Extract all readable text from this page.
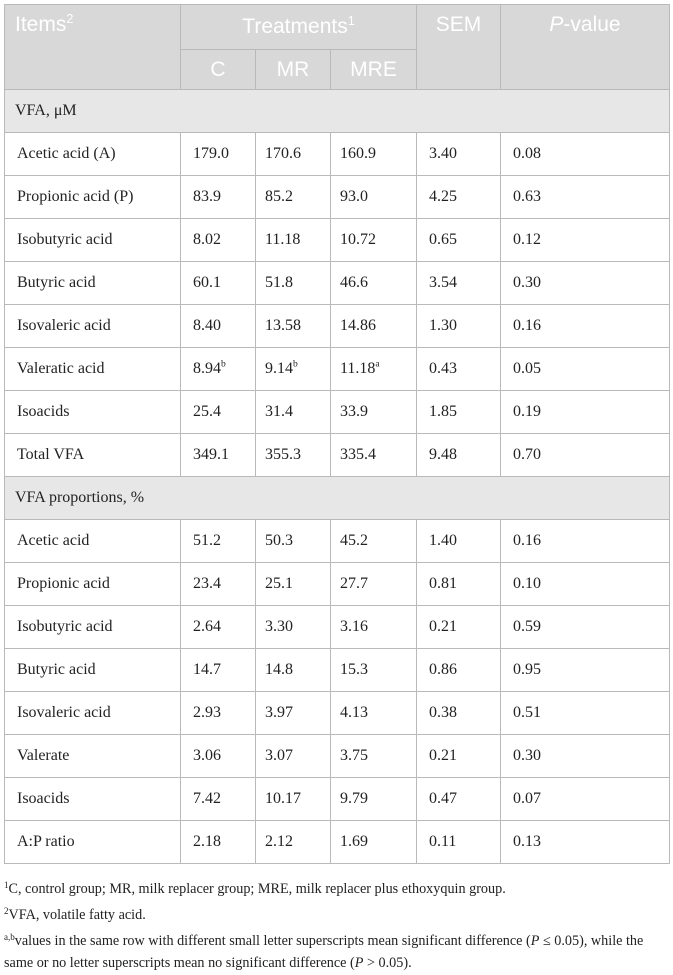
Items$^2$	Treatments$^1$			SEM	P-value
	C	MR	MRE		
VFA, μM					
Acetic acid (A)	179.0	170.6	160.9	3.40	0.08
Propionic acid (P)	83.9	85.2	93.0	4.25	0.63
Isobutyric acid	8.02	11.18	10.72	0.65	0.12
Butyric acid	60.1	51.8	46.6	3.54	0.30
Isovaleric acid	8.40	13.58	14.86	1.30	0.16
Valeratic acid	8.94$^b$	9.14$^b$	11.18$^a$	0.43	0.05
Isoacids	25.4	31.4	33.9	1.85	0.19
Total VFA	349.1	355.3	335.4	9.48	0.70
VFA proportions, %					
Acetic acid	51.2	50.3	45.2	1.40	0.16
Propionic acid	23.4	25.1	27.7	0.81	0.10
Isobutyric acid	2.64	3.30	3.16	0.21	0.59
Butyric acid	14.7	14.8	15.3	0.86	0.95
Isovaleric acid	2.93	3.97	4.13	0.38	0.51
Valerate	3.06	3.07	3.75	0.21	0.30
Isoacids	7.42	10.17	9.79	0.47	0.07
A:P ratio	2.18	2.12	1.69	0.11	0.13

$^1$C, control group; MR, milk replacer group; MRE, milk replacer plus ethoxyquin group.

$^2$VFA, volatile fatty acid.

$^{a,b}$values in the same row with different small letter superscripts mean significant difference (P ≤ 0.05), while the same or no letter superscripts mean no significant difference (P > 0.05).
